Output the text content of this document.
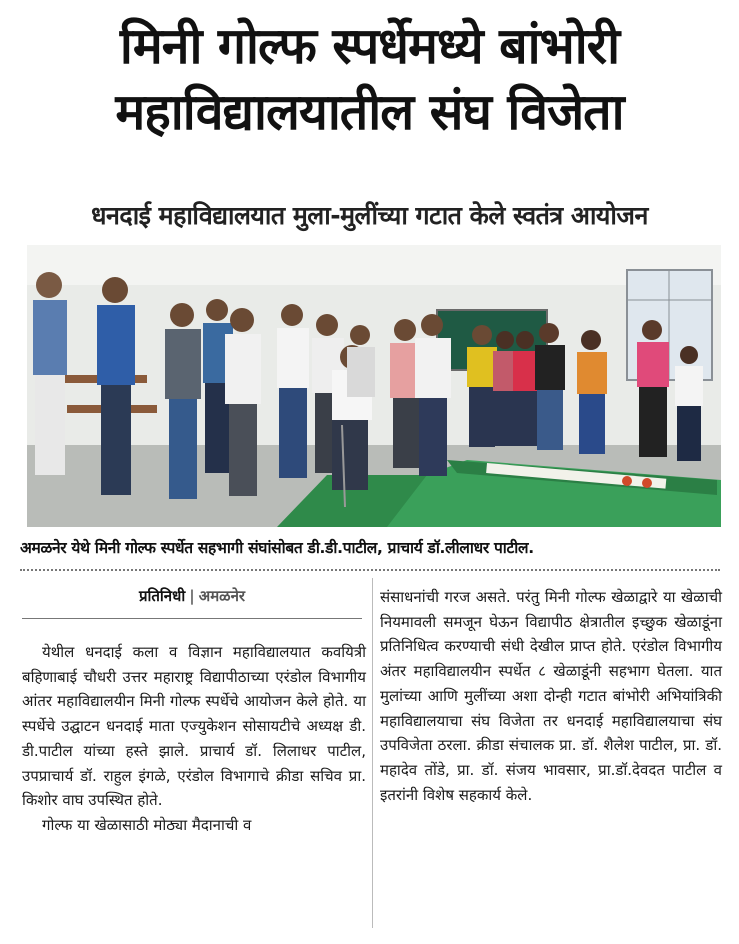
मिनी गोल्फ स्पर्धेमध्ये बांभोरी
महाविद्यालयातील संघ विजेता
धनदाई महाविद्यालयात मुला-मुलींच्या गटात केले स्वतंत्र आयोजन
अमळनेर येथे मिनी गोल्फ स्पर्धेत सहभागी संघांसोबत डी.डी.पाटील, प्राचार्य डॉ.लीलाधर पाटील.
प्रतिनिधी | अमळनेर

येथील धनदाई कला व विज्ञान महाविद्यालयात कवयित्री बहिणाबाई चौधरी उत्तर महाराष्ट्र विद्यापीठाच्या एरंडोल विभागीय आंतर महाविद्यालयीन मिनी गोल्फ स्पर्धेचे आयोजन केले होते. या स्पर्धेचे उद्घाटन धनदाई माता एज्युकेशन सोसायटीचे अध्यक्ष डी. डी.पाटील यांच्या हस्ते झाले. प्राचार्य डॉ. लिलाधर पाटील, उपप्राचार्य डॉ. राहुल इंगळे, एरंडोल विभागाचे क्रीडा सचिव प्रा. किशोर वाघ उपस्थित होते.

गोल्फ या खेळासाठी मोठ्या मैदानाची व

संसाधनांची गरज असते. परंतु मिनी गोल्फ खेळाद्वारे या खेळाची नियमावली समजून घेऊन विद्यापीठ क्षेत्रातील इच्छुक खेळाडूंना प्रतिनिधित्व करण्याची संधी देखील प्राप्त होते. एरंडोल विभागीय अंतर महाविद्यालयीन स्पर्धेत ८ खेळाडूंनी सहभाग घेतला. यात मुलांच्या आणि मुलींच्या अशा दोन्ही गटात बांभोरी अभियांत्रिकी महाविद्यालयाचा संघ विजेता तर धनदाई महाविद्यालयाचा संघ उपविजेता ठरला. क्रीडा संचालक प्रा. डॉ. शैलेश पाटील, प्रा. डॉ. महादेव तोंडे, प्रा. डॉ. संजय भावसार, प्रा.डॉ.देवदत पाटील व इतरांनी विशेष सहकार्य केले.
